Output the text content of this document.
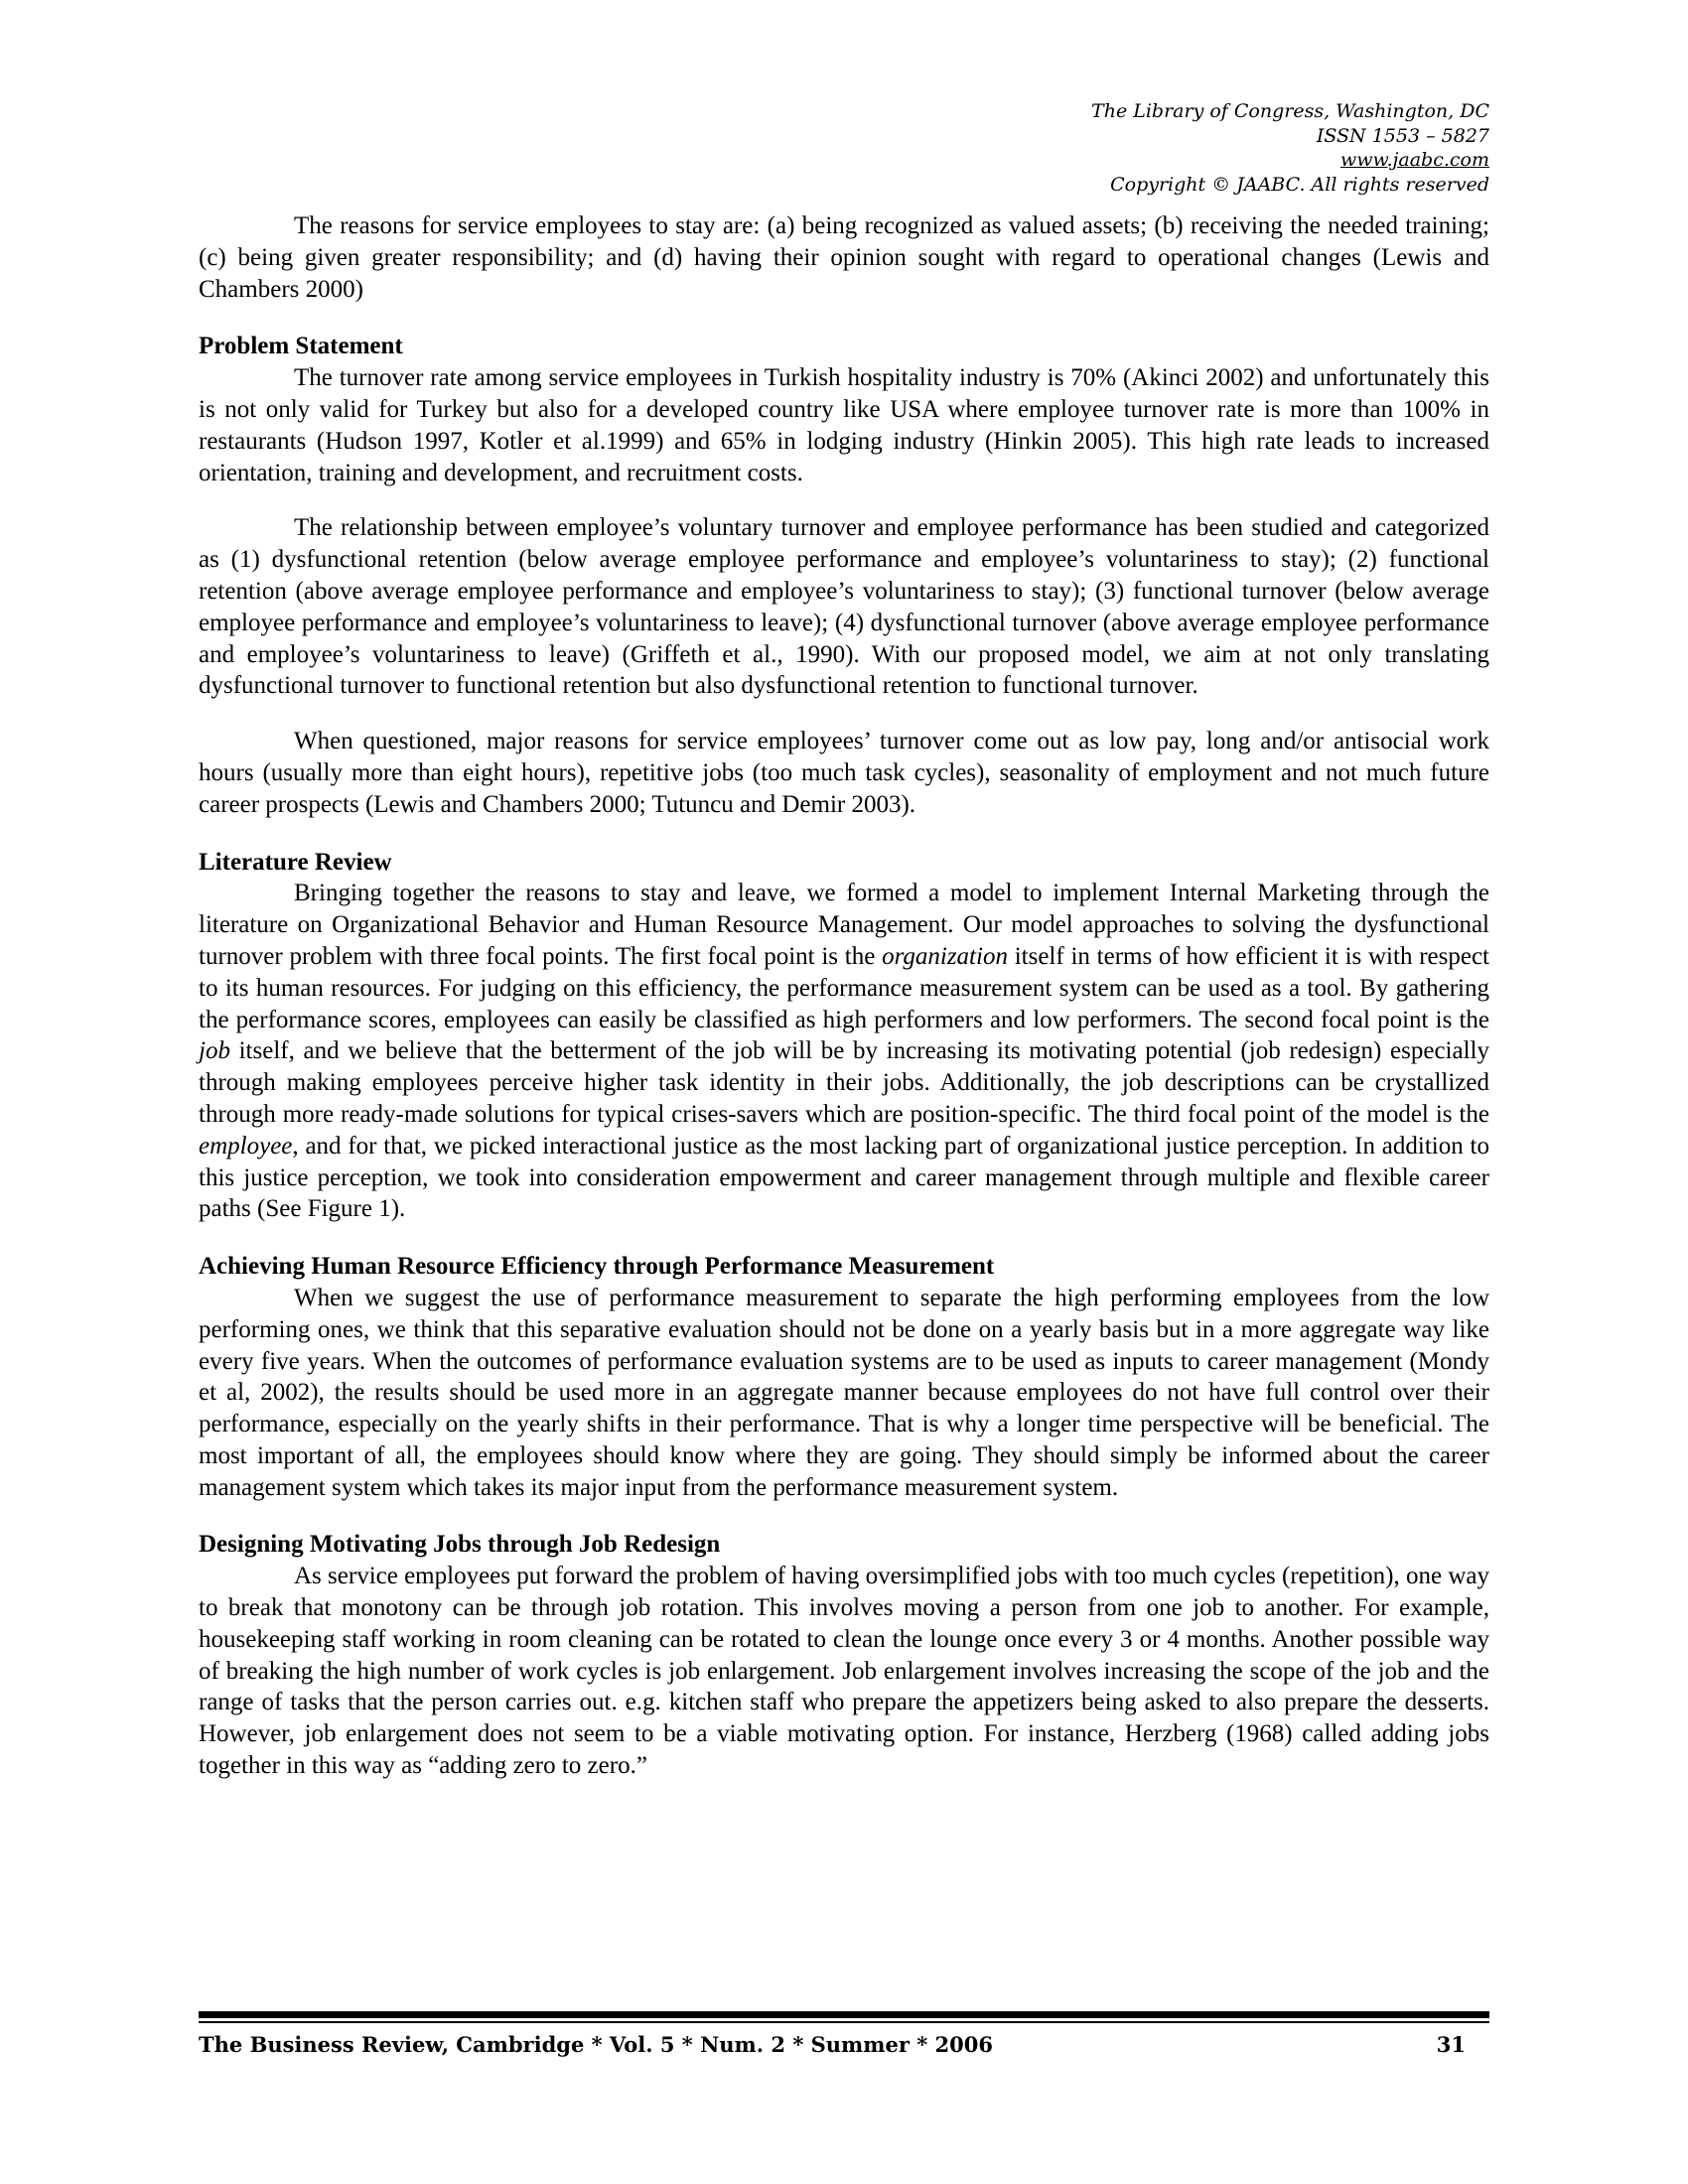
The Library of Congress, Washington, DC
ISSN 1553 – 5827
www.jaabc.com
Copyright © JAABC. All rights reserved

The reasons for service employees to stay are: (a) being recognized as valued assets; (b) receiving the needed training; (c) being given greater responsibility; and (d) having their opinion sought with regard to operational changes (Lewis and Chambers 2000)

Problem Statement

The turnover rate among service employees in Turkish hospitality industry is 70% (Akinci 2002) and unfortunately this is not only valid for Turkey but also for a developed country like USA where employee turnover rate is more than 100% in restaurants (Hudson 1997, Kotler et al.1999) and 65% in lodging industry (Hinkin 2005). This high rate leads to increased orientation, training and development, and recruitment costs.

The relationship between employee’s voluntary turnover and employee performance has been studied and categorized as (1) dysfunctional retention (below average employee performance and employee’s voluntariness to stay); (2) functional retention (above average employee performance and employee’s voluntariness to stay); (3) functional turnover (below average employee performance and employee’s voluntariness to leave); (4) dysfunctional turnover (above average employee performance and employee’s voluntariness to leave) (Griffeth et al., 1990). With our proposed model, we aim at not only translating dysfunctional turnover to functional retention but also dysfunctional retention to functional turnover.

When questioned, major reasons for service employees’ turnover come out as low pay, long and/or antisocial work hours (usually more than eight hours), repetitive jobs (too much task cycles), seasonality of employment and not much future career prospects (Lewis and Chambers 2000; Tutuncu and Demir 2003).

Literature Review

Bringing together the reasons to stay and leave, we formed a model to implement Internal Marketing through the literature on Organizational Behavior and Human Resource Management. Our model approaches to solving the dysfunctional turnover problem with three focal points. The first focal point is the organization itself in terms of how efficient it is with respect to its human resources. For judging on this efficiency, the performance measurement system can be used as a tool. By gathering the performance scores, employees can easily be classified as high performers and low performers. The second focal point is the job itself, and we believe that the betterment of the job will be by increasing its motivating potential (job redesign) especially through making employees perceive higher task identity in their jobs. Additionally, the job descriptions can be crystallized through more ready-made solutions for typical crises-savers which are position-specific. The third focal point of the model is the employee, and for that, we picked interactional justice as the most lacking part of organizational justice perception. In addition to this justice perception, we took into consideration empowerment and career management through multiple and flexible career paths (See Figure 1).

Achieving Human Resource Efficiency through Performance Measurement

When we suggest the use of performance measurement to separate the high performing employees from the low performing ones, we think that this separative evaluation should not be done on a yearly basis but in a more aggregate way like every five years. When the outcomes of performance evaluation systems are to be used as inputs to career management (Mondy et al, 2002), the results should be used more in an aggregate manner because employees do not have full control over their performance, especially on the yearly shifts in their performance. That is why a longer time perspective will be beneficial. The most important of all, the employees should know where they are going. They should simply be informed about the career management system which takes its major input from the performance measurement system.

Designing Motivating Jobs through Job Redesign

As service employees put forward the problem of having oversimplified jobs with too much cycles (repetition), one way to break that monotony can be through job rotation. This involves moving a person from one job to another. For example, housekeeping staff working in room cleaning can be rotated to clean the lounge once every 3 or 4 months. Another possible way of breaking the high number of work cycles is job enlargement. Job enlargement involves increasing the scope of the job and the range of tasks that the person carries out. e.g. kitchen staff who prepare the appetizers being asked to also prepare the desserts. However, job enlargement does not seem to be a viable motivating option. For instance, Herzberg (1968) called adding jobs together in this way as “adding zero to zero.”

The Business Review, Cambridge * Vol. 5 * Num. 2 * Summer * 2006	31
